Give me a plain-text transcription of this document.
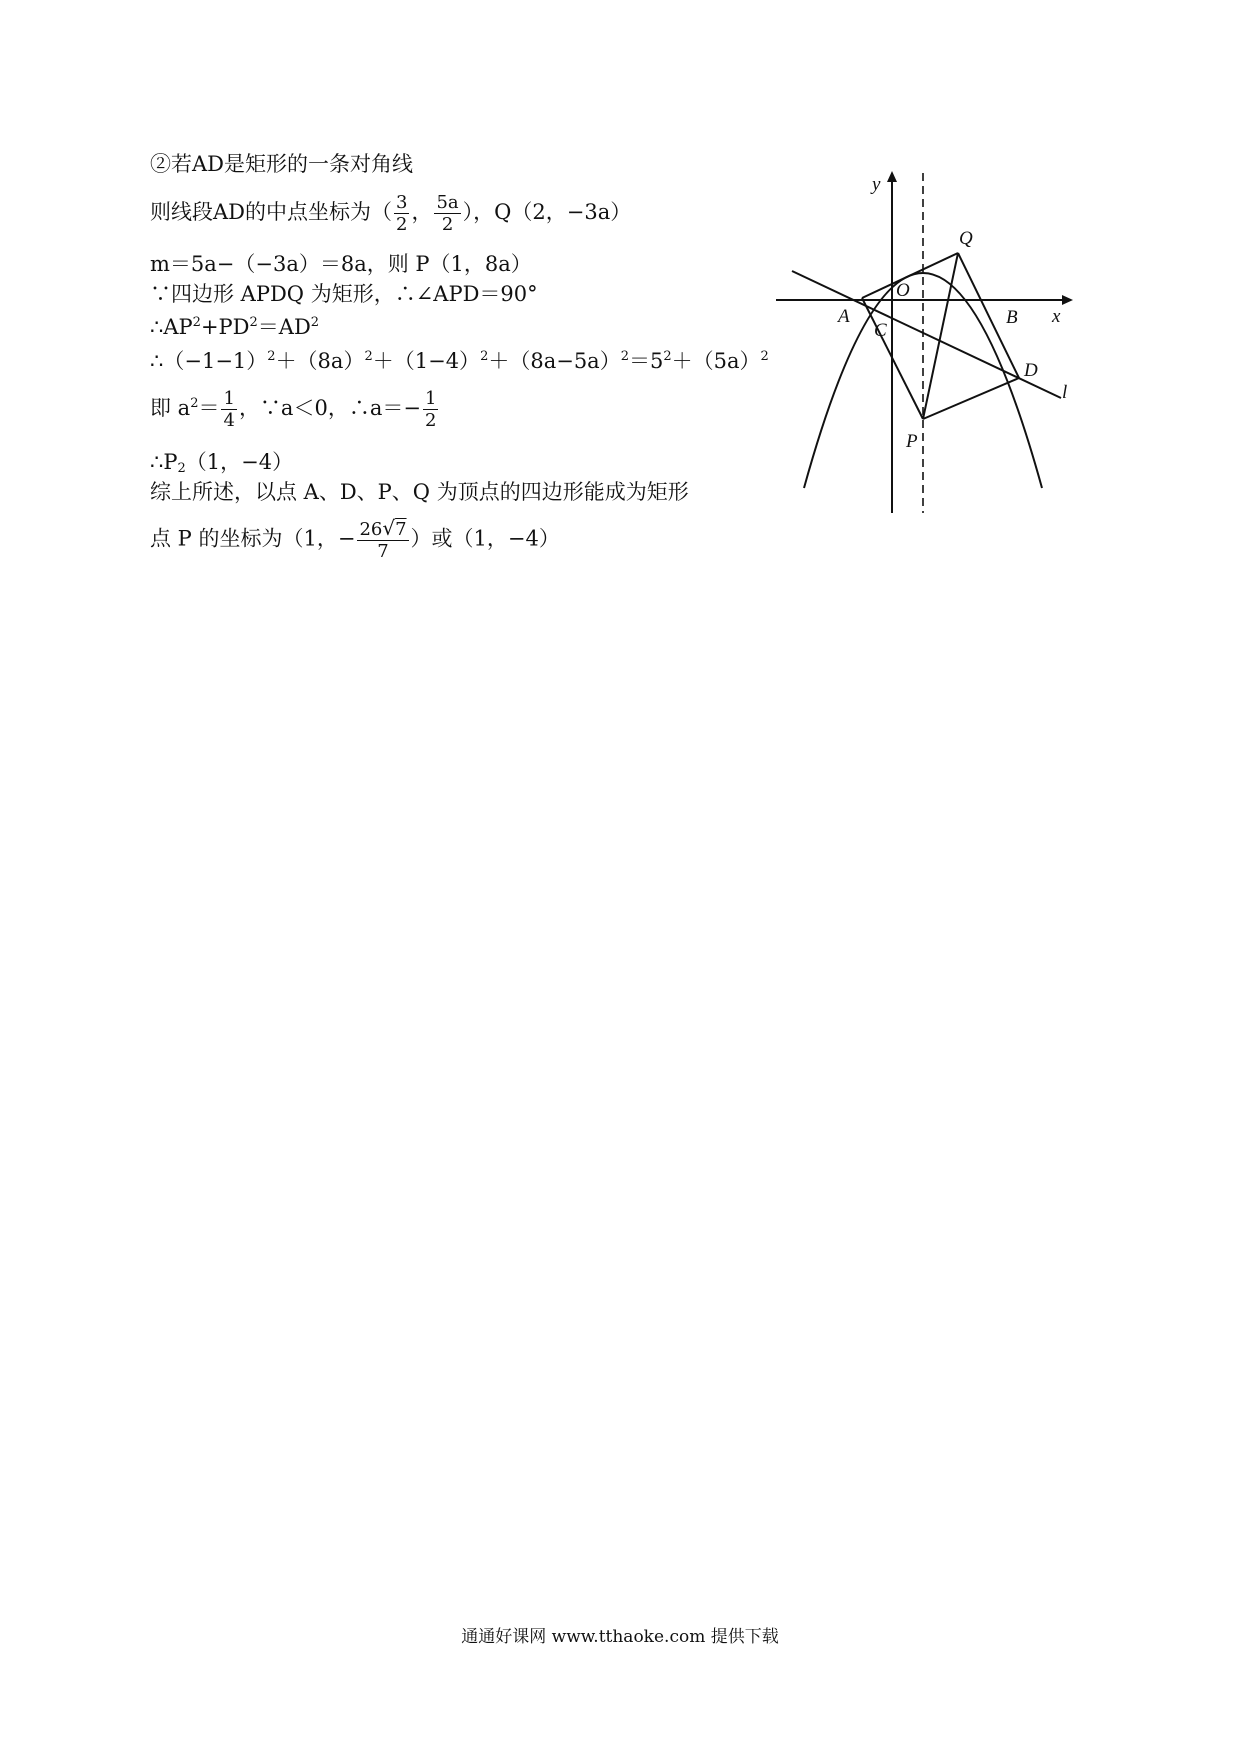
②若AD是矩形的一条对角线
则线段AD的中点坐标为（ $\frac{3}{2}$ ， $\frac{5a}{2}$ ），Q（2，−3a）
m＝5a−（−3a）＝8a，则 P（1，8a）
∵四边形 APDQ 为矩形，∴∠APD＝90°
$\therefore AP^2+PD^2=AD^2$
$\therefore(-1-1)^2+(8a)^2+(1-4)^2+(8a-5a)^2=5^2+(5a)^2$
即 $a^2= \frac{1}{4}$ ，∵a＜0，∴a＝− $\frac{1}{2}$
$\therefore P_2(1$，−4）
综上所述，以点 A、D、P、Q 为顶点的四边形能成为矩形
点 P 的坐标为（1，− $\frac{26√7}{7}$ ）或（1，−4）
y
x
O
A	B
C
D
P
Q
l
通通好课网 www.tthaoke.com 提供下载
